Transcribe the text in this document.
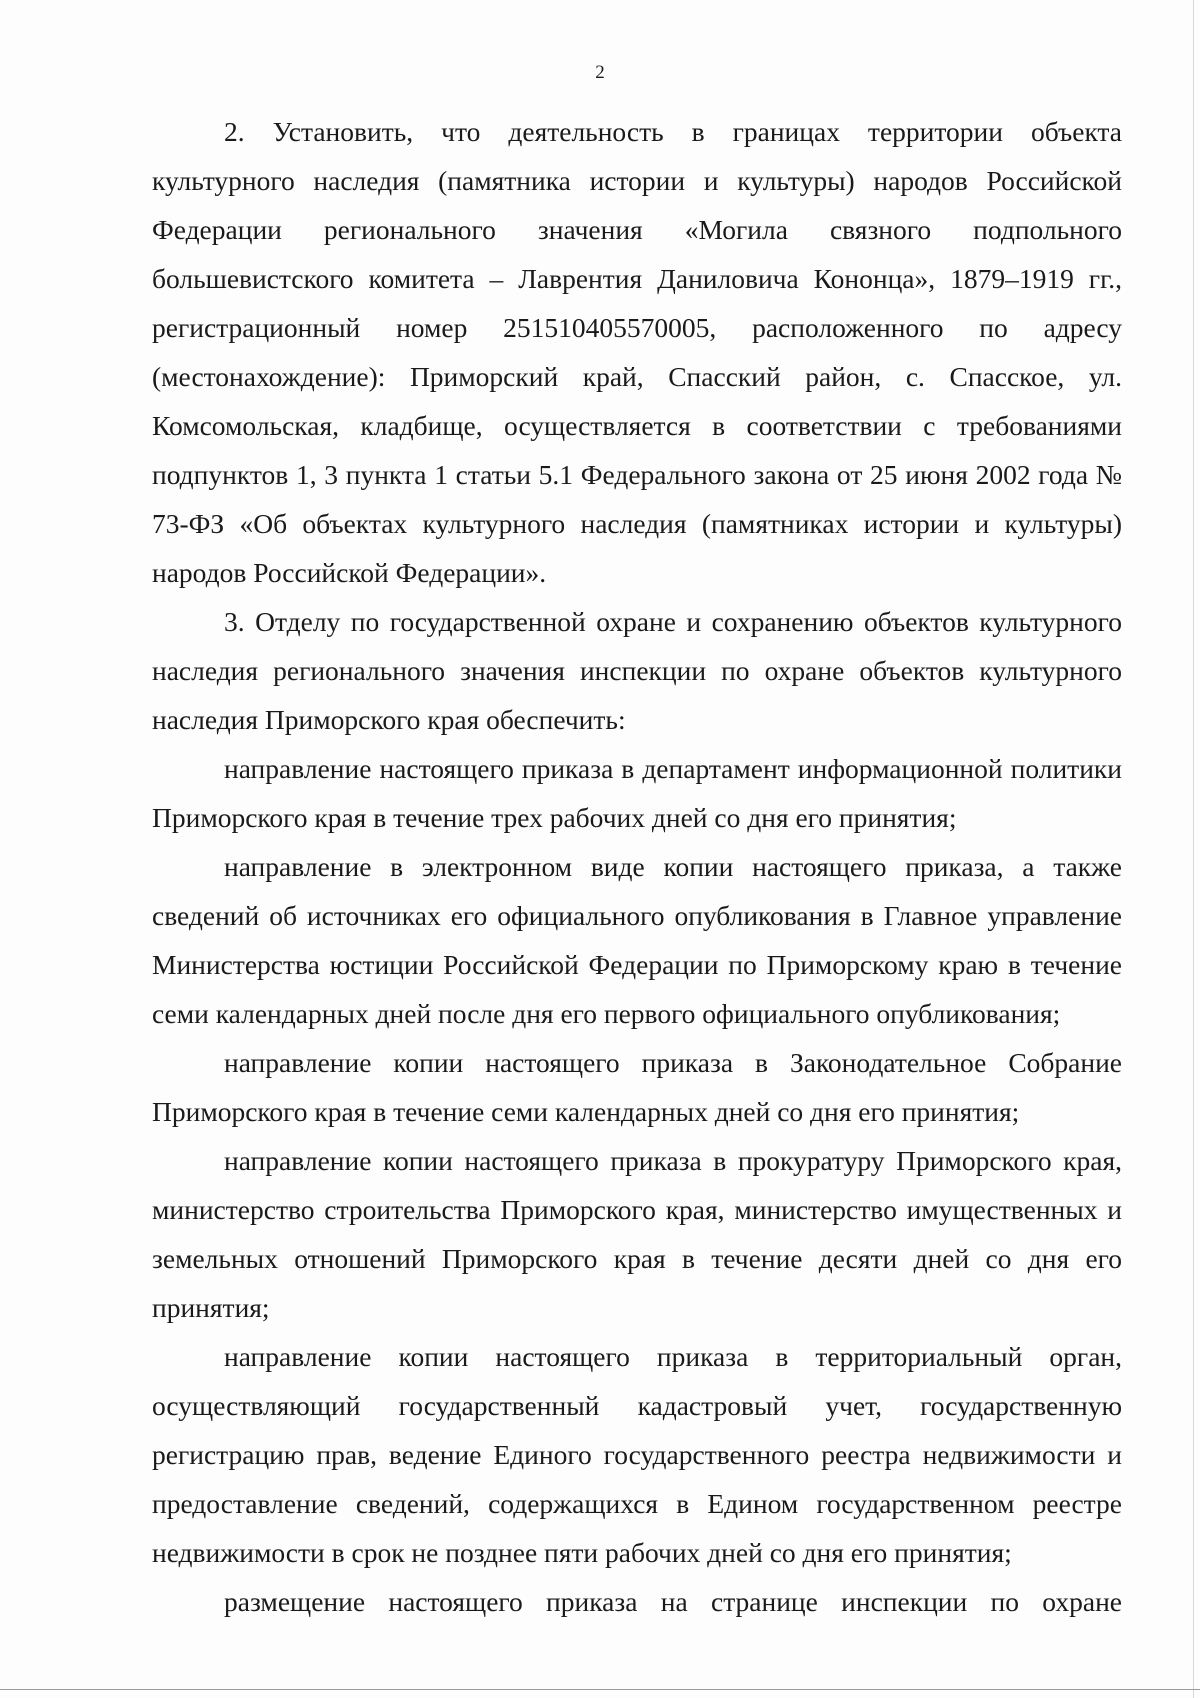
2

2. Установить, что деятельность в границах территории объекта культурного наследия (памятника истории и культуры) народов Российской Федерации регионального значения «Могила связного подпольного большевистского комитета – Лаврентия Даниловича Кононца», 1879–1919 гг., регистрационный номер 251510405570005, расположенного по адресу (местонахождение): Приморский край, Спасский район, с. Спасское, ул. Комсомольская, кладбище, осуществляется в соответствии с требованиями подпунктов 1, 3 пункта 1 статьи 5.1 Федерального закона от 25 июня 2002 года № 73-ФЗ «Об объектах культурного наследия (памятниках истории и культуры) народов Российской Федерации».

3. Отделу по государственной охране и сохранению объектов культурного наследия регионального значения инспекции по охране объектов культурного наследия Приморского края обеспечить:

направление настоящего приказа в департамент информационной политики Приморского края в течение трех рабочих дней со дня его принятия;

направление в электронном виде копии настоящего приказа, а также сведений об источниках его официального опубликования в Главное управление Министерства юстиции Российской Федерации по Приморскому краю в течение семи календарных дней после дня его первого официального опубликования;

направление копии настоящего приказа в Законодательное Собрание Приморского края в течение семи календарных дней со дня его принятия;

направление копии настоящего приказа в прокуратуру Приморского края, министерство строительства Приморского края, министерство имущественных и земельных отношений Приморского края в течение десяти дней со дня его принятия;

направление копии настоящего приказа в территориальный орган, осуществляющий государственный кадастровый учет, государственную регистрацию прав, ведение Единого государственного реестра недвижимости и предоставление сведений, содержащихся в Едином государственном реестре недвижимости в срок не позднее пяти рабочих дней со дня его принятия;

размещение настоящего приказа на странице инспекции по охране
